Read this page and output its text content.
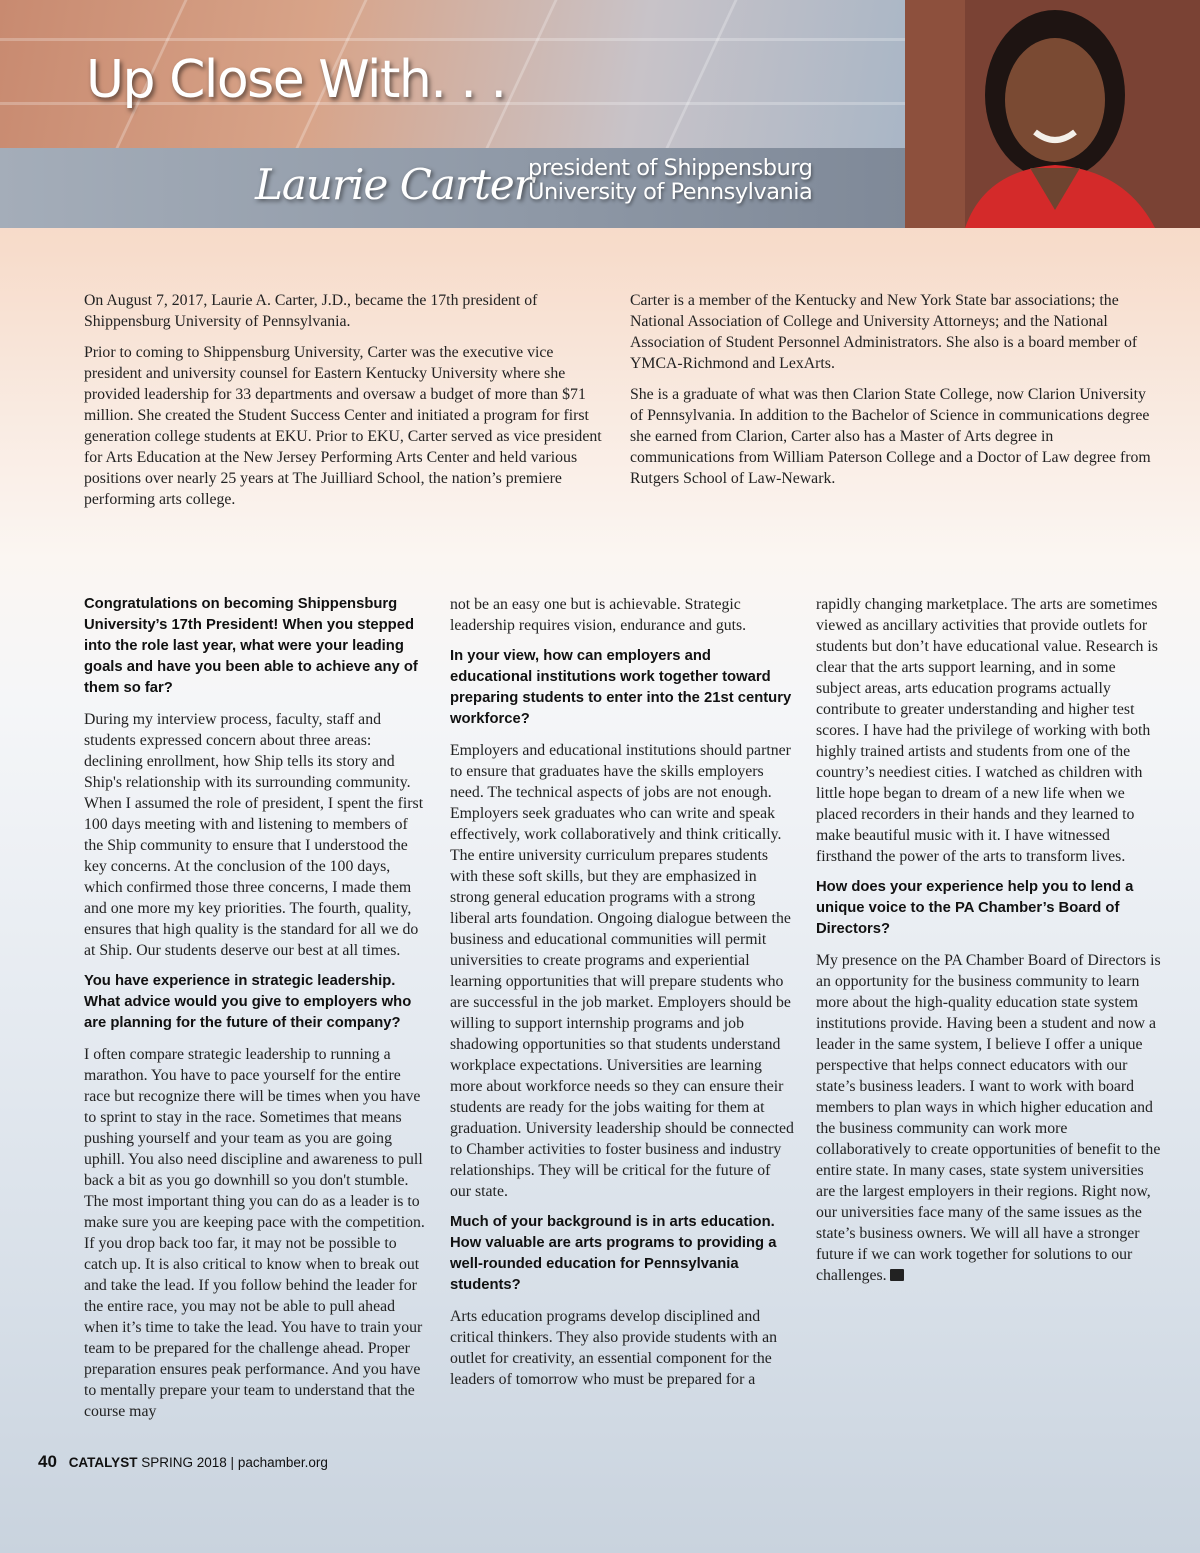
Up Close With. . .
Laurie Carter
president of Shippensburg
University of Pennsylvania

On August 7, 2017, Laurie A. Carter, J.D., became the 17th president of Shippensburg University of Pennsylvania.

Prior to coming to Shippensburg University, Carter was the executive vice president and university counsel for Eastern Kentucky University where she provided leadership for 33 departments and oversaw a budget of more than $71 million. She created the Student Success Center and initiated a program for first generation college students at EKU. Prior to EKU, Carter served as vice president for Arts Education at the New Jersey Performing Arts Center and held various positions over nearly 25 years at The Juilliard School, the nation’s premiere performing arts college.

Carter is a member of the Kentucky and New York State bar associations; the National Association of College and University Attorneys; and the National Association of Student Personnel Administrators. She also is a board member of YMCA-Richmond and LexArts.

She is a graduate of what was then Clarion State College, now Clarion University of Pennsylvania. In addition to the Bachelor of Science in communications degree she earned from Clarion, Carter also has a Master of Arts degree in communications from William Paterson College and a Doctor of Law degree from Rutgers School of Law-Newark.

Congratulations on becoming Shippensburg University’s 17th President! When you stepped into the role last year, what were your leading goals and have you been able to achieve any of them so far?

During my interview process, faculty, staff and students expressed concern about three areas: declining enrollment, how Ship tells its story and Ship's relationship with its surrounding community. When I assumed the role of president, I spent the first 100 days meeting with and listening to members of the Ship community to ensure that I understood the key concerns. At the conclusion of the 100 days, which confirmed those three concerns, I made them and one more my key priorities. The fourth, quality, ensures that high quality is the standard for all we do at Ship. Our students deserve our best at all times.

You have experience in strategic leadership. What advice would you give to employers who are planning for the future of their company?

I often compare strategic leadership to running a marathon. You have to pace yourself for the entire race but recognize there will be times when you have to sprint to stay in the race. Sometimes that means pushing yourself and your team as you are going uphill. You also need discipline and awareness to pull back a bit as you go downhill so you don't stumble. The most important thing you can do as a leader is to make sure you are keeping pace with the competition. If you drop back too far, it may not be possible to catch up. It is also critical to know when to break out and take the lead. If you follow behind the leader for the entire race, you may not be able to pull ahead when it’s time to take the lead. You have to train your team to be prepared for the challenge ahead. Proper preparation ensures peak performance. And you have to mentally prepare your team to understand that the course may

not be an easy one but is achievable. Strategic leadership requires vision, endurance and guts.

In your view, how can employers and educational institutions work together toward preparing students to enter into the 21st century workforce?

Employers and educational institutions should partner to ensure that graduates have the skills employers need. The technical aspects of jobs are not enough. Employers seek graduates who can write and speak effectively, work collaboratively and think critically. The entire university curriculum prepares students with these soft skills, but they are emphasized in strong general education programs with a strong liberal arts foundation. Ongoing dialogue between the business and educational communities will permit universities to create programs and experiential learning opportunities that will prepare students who are successful in the job market. Employers should be willing to support internship programs and job shadowing opportunities so that students understand workplace expectations. Universities are learning more about workforce needs so they can ensure their students are ready for the jobs waiting for them at graduation. University leadership should be connected to Chamber activities to foster business and industry relationships. They will be critical for the future of our state.

Much of your background is in arts education. How valuable are arts programs to providing a well-rounded education for Pennsylvania students?

Arts education programs develop disciplined and critical thinkers. They also provide students with an outlet for creativity, an essential component for the leaders of tomorrow who must be prepared for a

rapidly changing marketplace. The arts are sometimes viewed as ancillary activities that provide outlets for students but don’t have educational value. Research is clear that the arts support learning, and in some subject areas, arts education programs actually contribute to greater understanding and higher test scores. I have had the privilege of working with both highly trained artists and students from one of the country’s neediest cities. I watched as children with little hope began to dream of a new life when we placed recorders in their hands and they learned to make beautiful music with it. I have witnessed firsthand the power of the arts to transform lives.

How does your experience help you to lend a unique voice to the PA Chamber’s Board of Directors?

My presence on the PA Chamber Board of Directors is an opportunity for the business community to learn more about the high-quality education state system institutions provide. Having been a student and now a leader in the same system, I believe I offer a unique perspective that helps connect educators with our state’s business leaders. I want to work with board members to plan ways in which higher education and the business community can work more collaboratively to create opportunities of benefit to the entire state. In many cases, state system universities are the largest employers in their regions. Right now, our universities face many of the same issues as the state’s business owners. We will all have a stronger future if we can work together for solutions to our challenges.

40 CATALYST SPRING 2018 | pachamber.org
